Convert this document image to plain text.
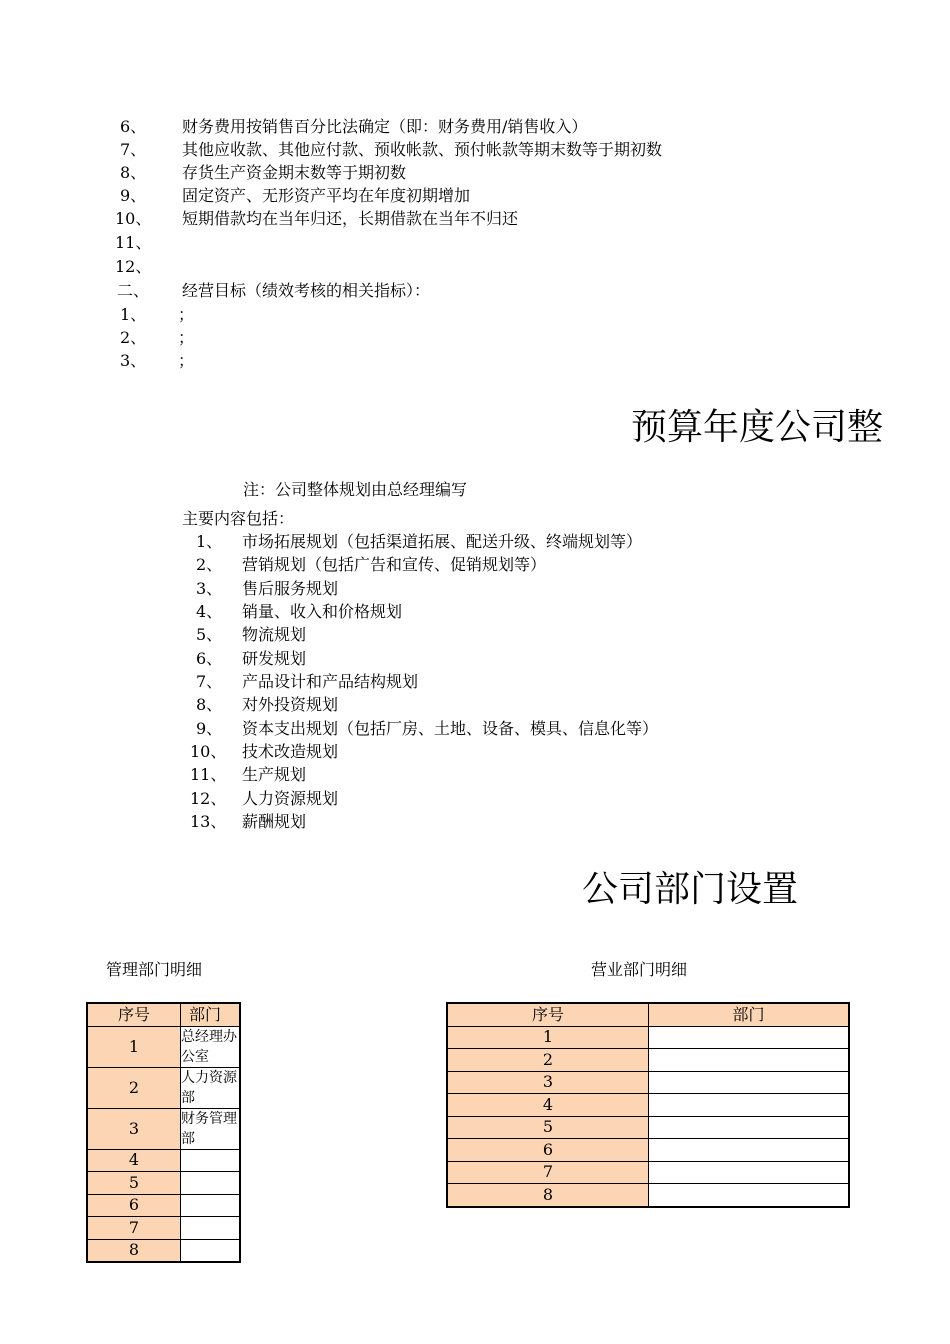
6、 财务费用按销售百分比法确定（即：财务费用/销售收入）
7、 其他应收款、其他应付款、预收帐款、预付帐款等期末数等于期初数
8、 存货生产资金期末数等于期初数
9、 固定资产、无形资产平均在年度初期增加
10、 短期借款均在当年归还，长期借款在当年不归还
11、
12、
二、 经营目标（绩效考核的相关指标）：
1、 ；
2、 ；
3、 ；
预算年度公司整
注：公司整体规划由总经理编写
主要内容包括：
1、 市场拓展规划（包括渠道拓展、配送升级、终端规划等）
2、 营销规划（包括广告和宣传、促销规划等）
3、 售后服务规划
4、 销量、收入和价格规划
5、 物流规划
6、 研发规划
7、 产品设计和产品结构规划
8、 对外投资规划
9、 资本支出规划（包括厂房、土地、设备、模具、信息化等）
10、 技术改造规划
11、 生产规划
12、 人力资源规划
13、 薪酬规划
公司部门设置
管理部门明细	营业部门明细
序号	部门
1	总经理办公室
2	人力资源部
3	财务管理部
4	
5	
6	
7	
8	
序号	部门
1	
2	
3	
4	
5	
6	
7	
8	
